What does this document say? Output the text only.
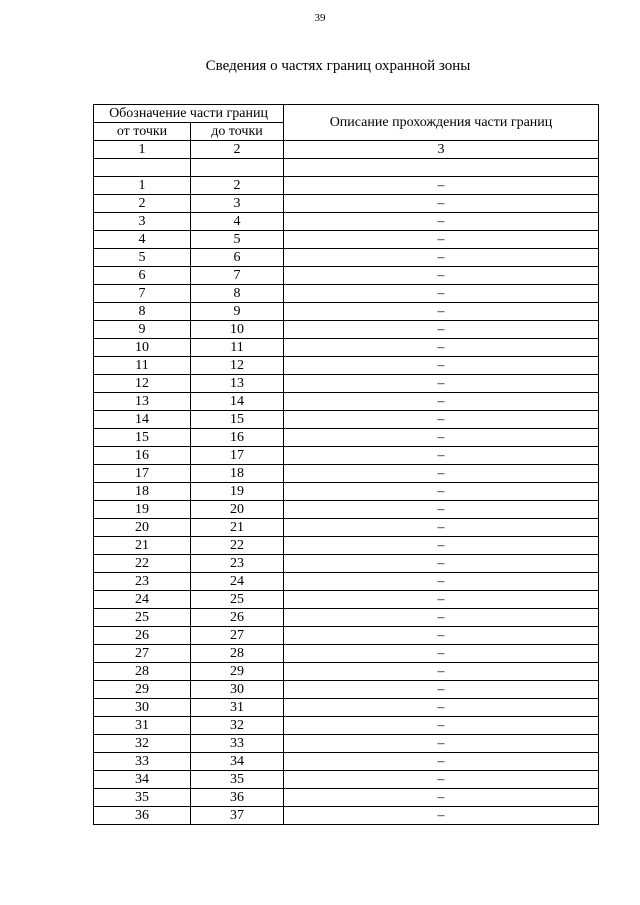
39
Сведения о частях границ охранной зоны
Обозначение части границ		Описание прохождения части границ
от точки	до точки	
1	2	3

1	2	–
2	3	–
3	4	–
4	5	–
5	6	–
6	7	–
7	8	–
8	9	–
9	10	–
10	11	–
11	12	–
12	13	–
13	14	–
14	15	–
15	16	–
16	17	–
17	18	–
18	19	–
19	20	–
20	21	–
21	22	–
22	23	–
23	24	–
24	25	–
25	26	–
26	27	–
27	28	–
28	29	–
29	30	–
30	31	–
31	32	–
32	33	–
33	34	–
34	35	–
35	36	–
36	37	–
